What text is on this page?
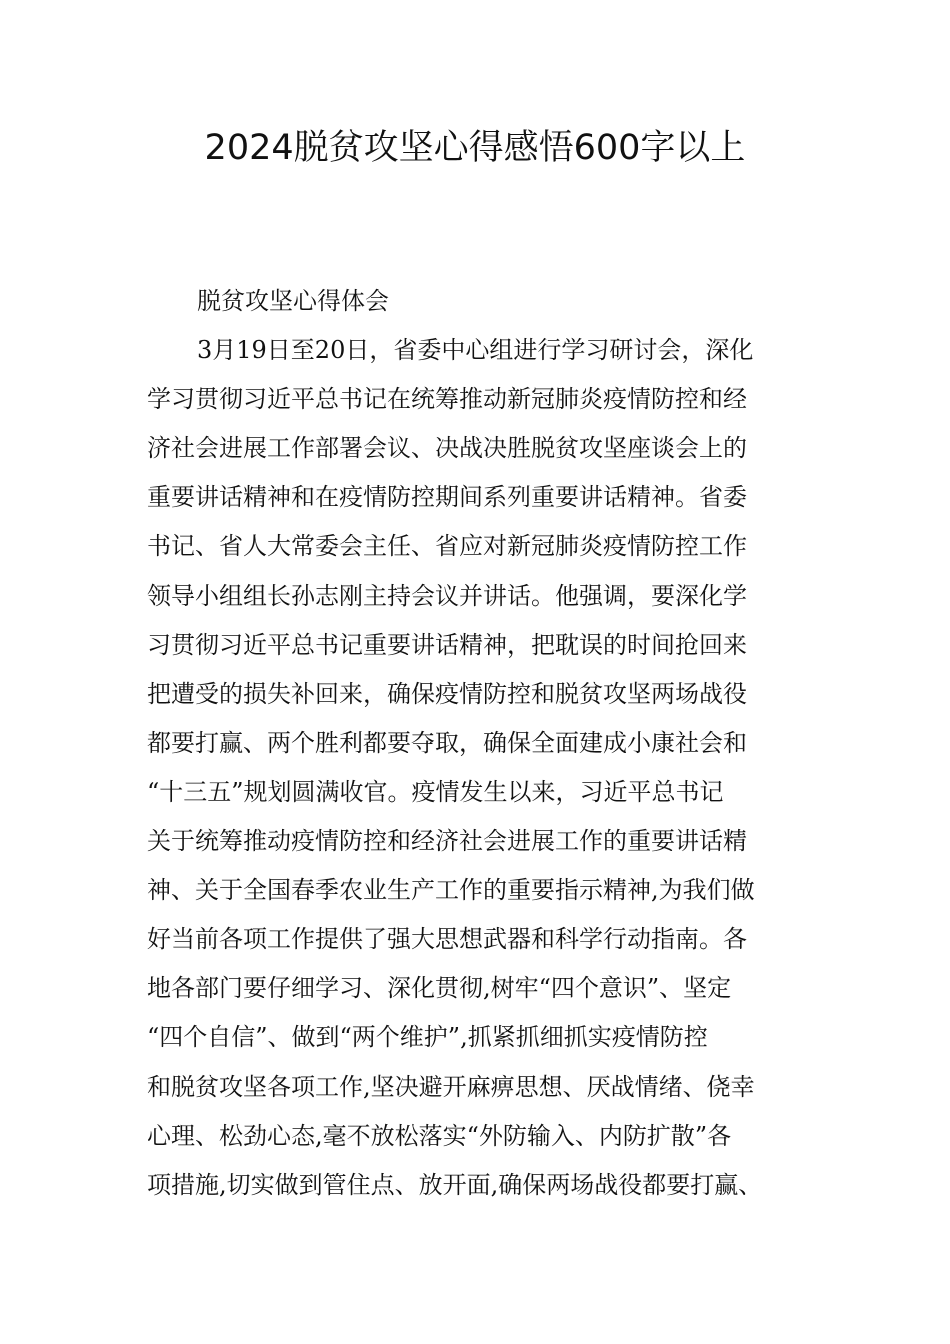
2024脱贫攻坚心得感悟600字以上

脱贫攻坚心得体会

3月19日至20日，省委中心组进行学习研讨会，深化

学习贯彻习近平总书记在统筹推动新冠肺炎疫情防控和经

济社会进展工作部署会议、决战决胜脱贫攻坚座谈会上的

重要讲话精神和在疫情防控期间系列重要讲话精神。省委

书记、省人大常委会主任、省应对新冠肺炎疫情防控工作

领导小组组长孙志刚主持会议并讲话。他强调，要深化学

习贯彻习近平总书记重要讲话精神，把耽误的时间抢回来

把遭受的损失补回来，确保疫情防控和脱贫攻坚两场战役

都要打赢、两个胜利都要夺取，确保全面建成小康社会和

“十三五”规划圆满收官。疫情发生以来，习近平总书记

关于统筹推动疫情防控和经济社会进展工作的重要讲话精

神、关于全国春季农业生产工作的重要指示精神,为我们做

好当前各项工作提供了强大思想武器和科学行动指南。各

地各部门要仔细学习、深化贯彻,树牢“四个意识”、坚定

“四个自信”、做到“两个维护”,抓紧抓细抓实疫情防控

和脱贫攻坚各项工作,坚决避开麻痹思想、厌战情绪、侥幸

心理、松劲心态,毫不放松落实“外防输入、内防扩散”各

项措施,切实做到管住点、放开面,确保两场战役都要打赢、
